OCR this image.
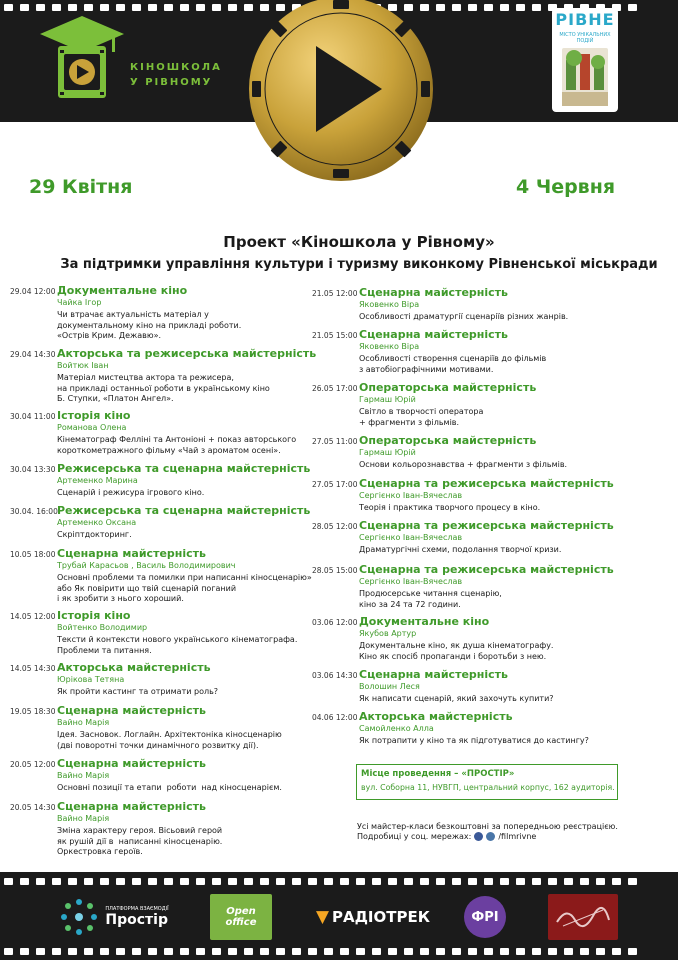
КІНОШКОЛА
У РІВНОМУ
РІВНЕ
МІСТО УНІКАЛЬНИХ ПОДІЙ
29 Квітня	4 Червня
Проект «Кіношкола у Рівному»
За підтримки управління культури і туризму виконкому Рівненської міськради
29.04 12:00 Документальне кіно
Чайка Ігор
Чи втрачає актуальність матеріал у
документальному кіно на прикладі роботи.
«Острів Крим. Дежавю».
29.04 14:30 Акторська та режисерська майстерність
Войтюк Іван
Матеріал мистецтва актора та режисера,
на прикладі останньої роботи в українському кіно
Б. Ступки, «Платон Ангел».
30.04 11:00 Історія кіно
Романова Олена
Кінематограф Фелліні та Антоніоні + показ авторського
короткометражного фільму «Чай з ароматом осені».
30.04 13:30 Режисерська та сценарна майстерність
Артеменко Марина
Сценарій і режисура ігрового кіно.
30.04. 16:00 Режисерська та сценарна майстерність
Артеменко Оксана
Скріптдокторинг.
10.05 18:00 Сценарна майстерність
Трубай Карасьов , Василь Володимирович
Основні проблеми та помилки при написанні кіносценарію»
або Як повірити що твій сценарій поганий
і як зробити з нього хороший.
14.05 12:00 Історія кіно
Войтенко Володимир
Тексти й контексти нового українського кінематографа.
Проблеми та питання.
14.05 14:30 Акторська майстерність
Юрікова Тетяна
Як пройти кастинг та отримати роль?
19.05 18:30 Сценарна майстерність
Вайно Марія
Ідея. Засновок. Логлайн. Архітектоніка кіносценарію
(дві поворотні точки динамічного розвитку дії).
20.05 12:00 Сценарна майстерність
Вайно Марія
Основні позиції та етапи  роботи  над кіносценарієм.
20.05 14:30 Сценарна майстерність
Вайно Марія
Зміна характеру героя. Вісьовий герой
як рушій дії в  написанні кіносценарію.
Оркестровка героїв.
21.05 12:00 Сценарна майстерність
Яковенко Віра
Особливості драматургії сценаріїв різних жанрів.
21.05 15:00 Сценарна майстерність
Яковенко Віра
Особливості створення сценаріїв до фільмів
з автобіографічними мотивами.
26.05 17:00 Операторська майстерність
Гармаш Юрій
Світло в творчості оператора
+ фрагменти з фільмів.
27.05 11:00 Операторська майстерність
Гармаш Юрій
Основи кольорознавства + фрагменти з фільмів.
27.05 17:00 Сценарна та режисерська майстерність
Сергієнко Іван-Вячеслав
Теорія і практика творчого процесу в кіно.
28.05 12:00 Сценарна та режисерська майстерність
Сергієнко Іван-Вячеслав
Драматургічні схеми, подолання творчої кризи.
28.05 15:00 Сценарна та режисерська майстерність
Сергієнко Іван-Вячеслав
Продюсерське читання сценарію,
кіно за 24 та 72 години.
03.06 12:00 Документальне кіно
Якубов Артур
Документальне кіно, як душа кінематографу.
Кіно як спосіб пропаганди і боротьби з нею.
03.06 14:30 Сценарна майстерність
Волошин Леся
Як написати сценарій, який захочуть купити?
04.06 12:00 Акторська майстерність
Самойленко Алла
Як потрапити у кіно та як підготуватися до кастингу?
Місце проведення – «ПРОСТІР»
вул. Соборна 11, НУВГП, центральний корпус, 162 аудиторія.
Усі майстер-класи безкоштовні за попередньою реєстрацією.
Подробиці у соц. мережах:	/filmrivne
ПЛАТФОРМА ВЗАЄМОДІЇ
Простір
Open office	РАДІОТРЕК	ФРІ
